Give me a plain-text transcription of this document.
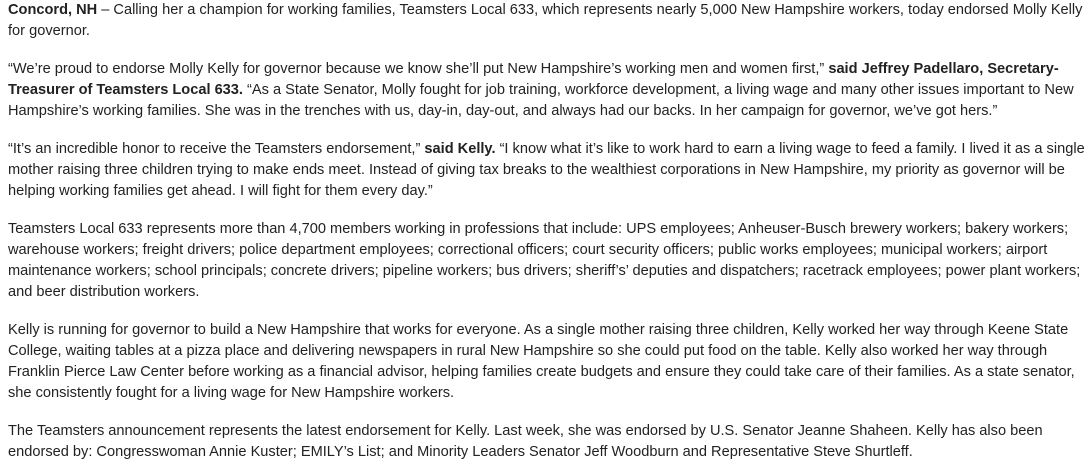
Concord, NH – Calling her a champion for working families, Teamsters Local 633, which represents nearly 5,000 New Hampshire workers, today endorsed Molly Kelly for governor.

“We’re proud to endorse Molly Kelly for governor because we know she’ll put New Hampshire’s working men and women first,” said Jeffrey Padellaro, Secretary-Treasurer of Teamsters Local 633. “As a State Senator, Molly fought for job training, workforce development, a living wage and many other issues important to New Hampshire’s working families. She was in the trenches with us, day-in, day-out, and always had our backs. In her campaign for governor, we’ve got hers.”

“It’s an incredible honor to receive the Teamsters endorsement,” said Kelly. “I know what it’s like to work hard to earn a living wage to feed a family. I lived it as a single mother raising three children trying to make ends meet. Instead of giving tax breaks to the wealthiest corporations in New Hampshire, my priority as governor will be helping working families get ahead. I will fight for them every day.”

Teamsters Local 633 represents more than 4,700 members working in professions that include: UPS employees; Anheuser-Busch brewery workers; bakery workers; warehouse workers; freight drivers; police department employees; correctional officers; court security officers; public works employees; municipal workers; airport maintenance workers; school principals; concrete drivers; pipeline workers; bus drivers; sheriff’s’ deputies and dispatchers; racetrack employees; power plant workers; and beer distribution workers.

Kelly is running for governor to build a New Hampshire that works for everyone. As a single mother raising three children, Kelly worked her way through Keene State College, waiting tables at a pizza place and delivering newspapers in rural New Hampshire so she could put food on the table. Kelly also worked her way through Franklin Pierce Law Center before working as a financial advisor, helping families create budgets and ensure they could take care of their families. As a state senator, she consistently fought for a living wage for New Hampshire workers.

The Teamsters announcement represents the latest endorsement for Kelly. Last week, she was endorsed by U.S. Senator Jeanne Shaheen. Kelly has also been endorsed by: Congresswoman Annie Kuster; EMILY’s List; and Minority Leaders Senator Jeff Woodburn and Representative Steve Shurtleff.
